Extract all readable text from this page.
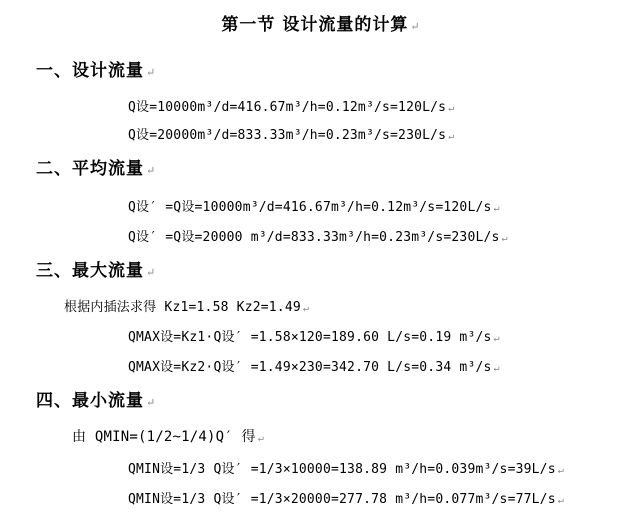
第一节 设计流量的计算 ↵
一、设计流量 ↵
Q设=10000m³/d=416.67m³/h=0.12m³/s=120L/s ↵
Q设=20000m³/d=833.33m³/h=0.23m³/s=230L/s ↵
二、平均流量 ↵
Q设′ =Q设=10000m³/d=416.67m³/h=0.12m³/s=120L/s ↵
Q设′ =Q设=20000 m³/d=833.33m³/h=0.23m³/s=230L/s ↵
三、最大流量 ↵
根据内插法求得 Kz1=1.58 Kz2=1.49 ↵
QMAX设=Kz1·Q设′ =1.58×120=189.60 L/s=0.19 m³/s ↵
QMAX设=Kz2·Q设′ =1.49×230=342.70 L/s=0.34 m³/s ↵
四、最小流量 ↵
由 QMIN=(1/2~1/4)Q′ 得 ↵
QMIN设=1/3 Q设′ =1/3×10000=138.89 m³/h=0.039m³/s=39L/s ↵
QMIN设=1/3 Q设′ =1/3×20000=277.78 m³/h=0.077m³/s=77L/s ↵
